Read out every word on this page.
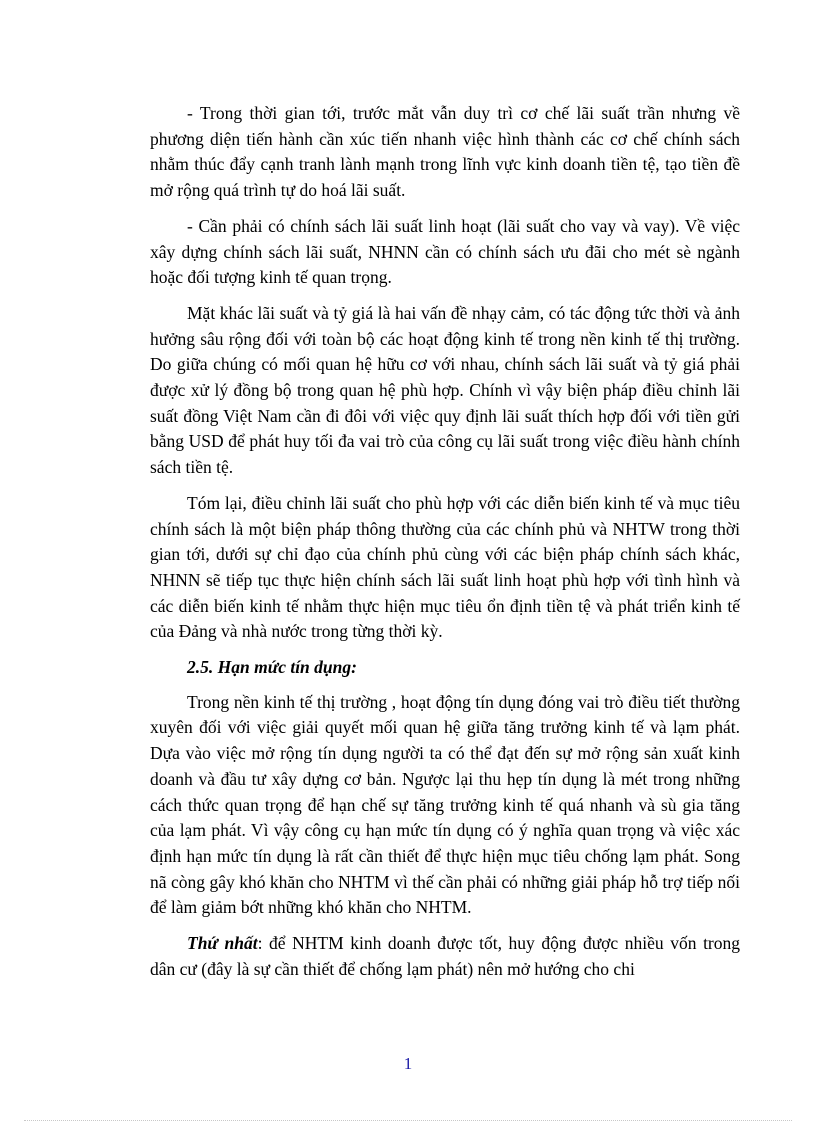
- Trong thời gian tới, trước mắt vẫn duy trì cơ chế lãi suất trần nhưng về phương diện tiến hành cần xúc tiến nhanh việc hình thành các cơ chế chính sách nhằm thúc đẩy cạnh tranh lành mạnh trong lĩnh vực kinh doanh tiền tệ, tạo tiền đề mở rộng quá trình tự do hoá lãi suất.

- Cần phải có chính sách lãi suất linh hoạt (lãi suất cho vay và vay). Về việc xây dựng chính sách lãi suất, NHNN cần có chính sách ưu đãi cho mét sè ngành hoặc đối tượng kinh tế quan trọng.

Mặt khác lãi suất và tỷ giá là hai vấn đề nhạy cảm, có tác động tức thời và ảnh hưởng sâu rộng đối với toàn bộ các hoạt động kinh tế trong nền kinh tế thị trường. Do giữa chúng có mối quan hệ hữu cơ với nhau, chính sách lãi suất và tỷ giá phải được xử lý đồng bộ trong quan hệ phù hợp. Chính vì vậy biện pháp điều chỉnh lãi suất đồng Việt Nam cần đi đôi với việc quy định lãi suất thích hợp đối với tiền gửi bằng USD để phát huy tối đa vai trò của công cụ lãi suất trong việc điều hành chính sách tiền tệ.

Tóm lại, điều chỉnh lãi suất cho phù hợp với các diễn biến kinh tế và mục tiêu chính sách là một biện pháp thông thường của các chính phủ và NHTW trong thời gian tới, dưới sự chỉ đạo của chính phủ cùng với các biện pháp chính sách khác, NHNN sẽ tiếp tục thực hiện chính sách lãi suất linh hoạt phù hợp với tình hình và các diễn biến kinh tế nhằm thực hiện mục tiêu ổn định tiền tệ và phát triển kinh tế của Đảng và nhà nước trong từng thời kỳ.

2.5. Hạn mức tín dụng:

Trong nền kinh tế thị trường , hoạt động tín dụng đóng vai trò điều tiết thường xuyên đối với việc giải quyết mối quan hệ giữa tăng trưởng kinh tế và lạm phát. Dựa vào việc mở rộng tín dụng người ta có thể đạt đến sự mở rộng sản xuất kinh doanh và đầu tư xây dựng cơ bản. Ngược lại thu hẹp tín dụng là mét trong những cách thức quan trọng để hạn chế sự tăng trưởng kinh tế quá nhanh và sù gia tăng của lạm phát. Vì vậy công cụ hạn mức tín dụng có ý nghĩa quan trọng và việc xác định hạn mức tín dụng là rất cần thiết để thực hiện mục tiêu chống lạm phát. Song nã còng gây khó khăn cho NHTM vì thế cần phải có những giải pháp hỗ trợ tiếp nối để làm giảm bớt những khó khăn cho NHTM.

Thứ nhất: để NHTM kinh doanh được tốt, huy động được nhiều vốn trong dân cư (đây là sự cần thiết để chống lạm phát) nên mở hướng cho chi

1
